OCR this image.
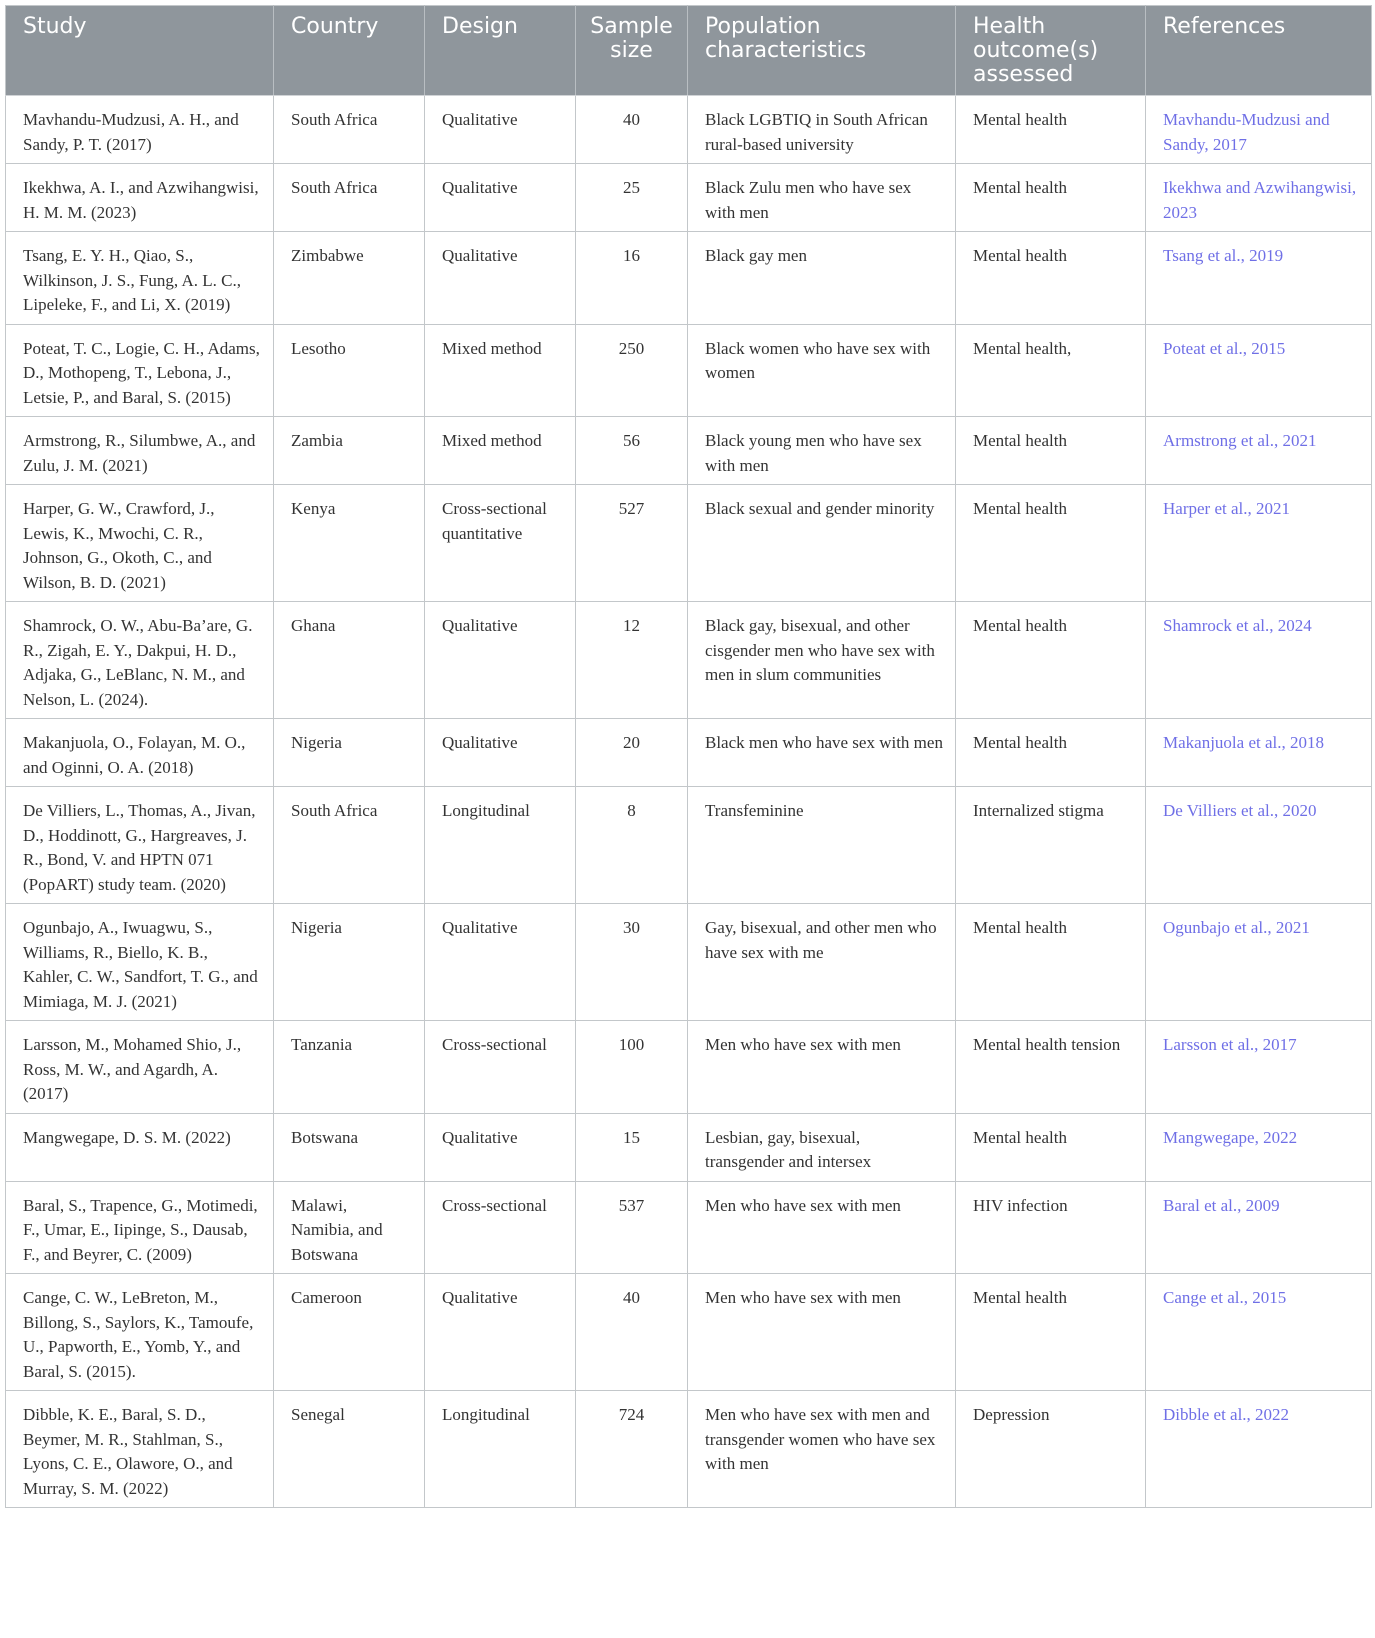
Study	Country	Design	Sample size	Population characteristics	Health outcome(s) assessed	References
Mavhandu-Mudzusi, A. H., and Sandy, P. T. (2017)	South Africa	Qualitative	40	Black LGBTIQ in South African rural-based university	Mental health	Mavhandu-Mudzusi and Sandy, 2017
Ikekhwa, A. I., and Azwihangwisi, H. M. M. (2023)	South Africa	Qualitative	25	Black Zulu men who have sex with men	Mental health	Ikekhwa and Azwihangwisi, 2023
Tsang, E. Y. H., Qiao, S., Wilkinson, J. S., Fung, A. L. C., Lipeleke, F., and Li, X. (2019)	Zimbabwe	Qualitative	16	Black gay men	Mental health	Tsang et al., 2019
Poteat, T. C., Logie, C. H., Adams, D., Mothopeng, T., Lebona, J., Letsie, P., and Baral, S. (2015)	Lesotho	Mixed method	250	Black women who have sex with women	Mental health,	Poteat et al., 2015
Armstrong, R., Silumbwe, A., and Zulu, J. M. (2021)	Zambia	Mixed method	56	Black young men who have sex with men	Mental health	Armstrong et al., 2021
Harper, G. W., Crawford, J., Lewis, K., Mwochi, C. R., Johnson, G., Okoth, C., and Wilson, B. D. (2021)	Kenya	Cross-sectional quantitative	527	Black sexual and gender minority	Mental health	Harper et al., 2021
Shamrock, O. W., Abu-Ba’are, G. R., Zigah, E. Y., Dakpui, H. D., Adjaka, G., LeBlanc, N. M., and Nelson, L. (2024).	Ghana	Qualitative	12	Black gay, bisexual, and other cisgender men who have sex with men in slum communities	Mental health	Shamrock et al., 2024
Makanjuola, O., Folayan, M. O., and Oginni, O. A. (2018)	Nigeria	Qualitative	20	Black men who have sex with men	Mental health	Makanjuola et al., 2018
De Villiers, L., Thomas, A., Jivan, D., Hoddinott, G., Hargreaves, J. R., Bond, V. and HPTN 071 (PopART) study team. (2020)	South Africa	Longitudinal	8	Transfeminine	Internalized stigma	De Villiers et al., 2020
Ogunbajo, A., Iwuagwu, S., Williams, R., Biello, K. B., Kahler, C. W., Sandfort, T. G., and Mimiaga, M. J. (2021)	Nigeria	Qualitative	30	Gay, bisexual, and other men who have sex with me	Mental health	Ogunbajo et al., 2021
Larsson, M., Mohamed Shio, J., Ross, M. W., and Agardh, A. (2017)	Tanzania	Cross-sectional	100	Men who have sex with men	Mental health tension	Larsson et al., 2017
Mangwegape, D. S. M. (2022)	Botswana	Qualitative	15	Lesbian, gay, bisexual, transgender and intersex	Mental health	Mangwegape, 2022
Baral, S., Trapence, G., Motimedi, F., Umar, E., Iipinge, S., Dausab, F., and Beyrer, C. (2009)	Malawi, Namibia, and Botswana	Cross-sectional	537	Men who have sex with men	HIV infection	Baral et al., 2009
Cange, C. W., LeBreton, M., Billong, S., Saylors, K., Tamoufe, U., Papworth, E., Yomb, Y., and Baral, S. (2015).	Cameroon	Qualitative	40	Men who have sex with men	Mental health	Cange et al., 2015
Dibble, K. E., Baral, S. D., Beymer, M. R., Stahlman, S., Lyons, C. E., Olawore, O., and Murray, S. M. (2022)	Senegal	Longitudinal	724	Men who have sex with men and transgender women who have sex with men	Depression	Dibble et al., 2022
